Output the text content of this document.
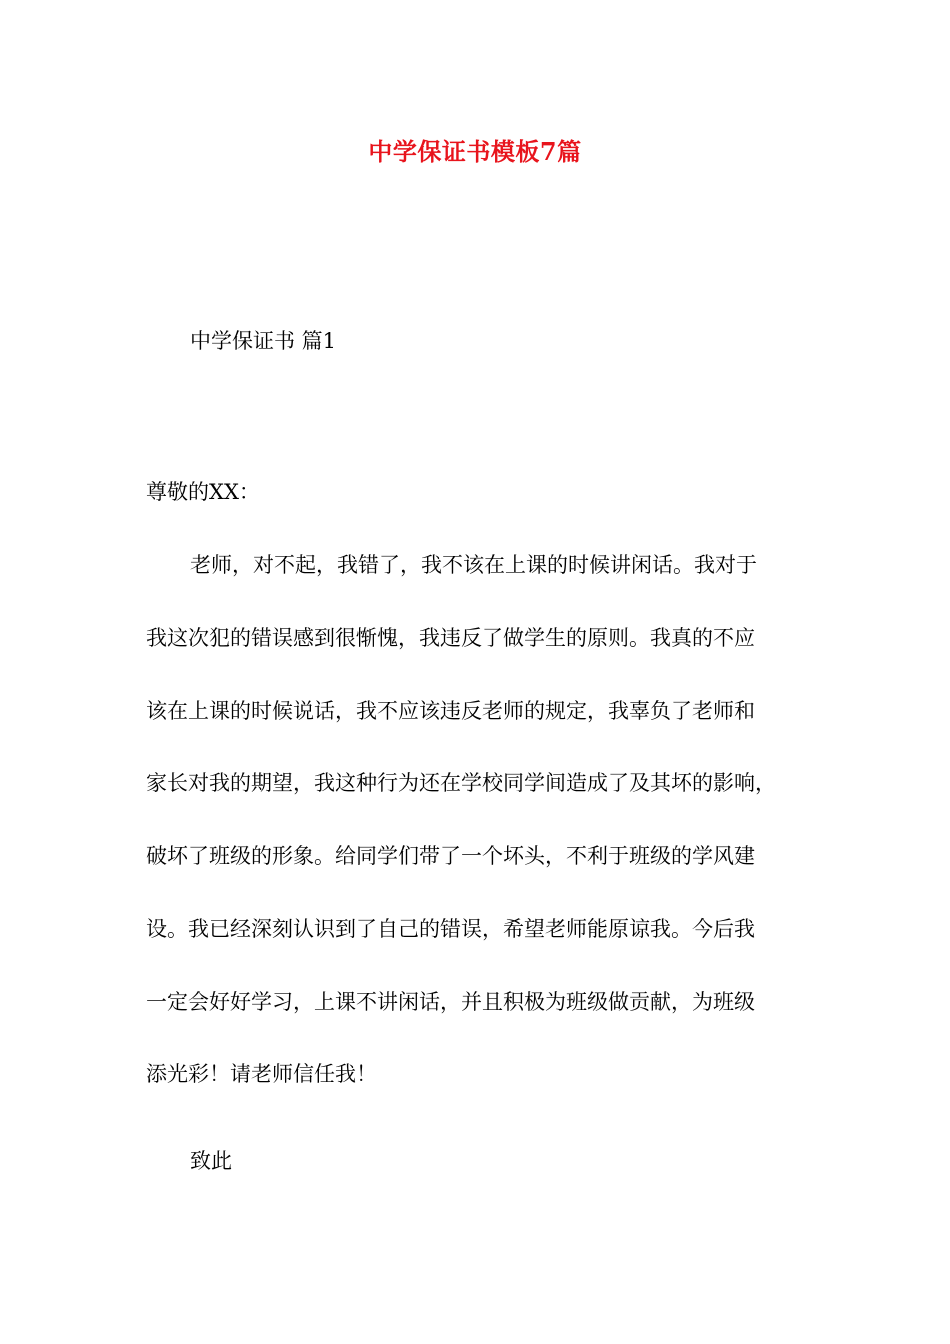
中学保证书模板7篇
中学保证书 篇1
尊敬的XX：
老师，对不起，我错了，我不该在上课的时候讲闲话。我对于
我这次犯的错误感到很惭愧，我违反了做学生的原则。我真的不应
该在上课的时候说话，我不应该违反老师的规定，我辜负了老师和
家长对我的期望，我这种行为还在学校同学间造成了及其坏的影响，
破坏了班级的形象。给同学们带了一个坏头，不利于班级的学风建
设。我已经深刻认识到了自己的错误，希望老师能原谅我。今后我
一定会好好学习，上课不讲闲话，并且积极为班级做贡献，为班级
添光彩！请老师信任我！
致此
